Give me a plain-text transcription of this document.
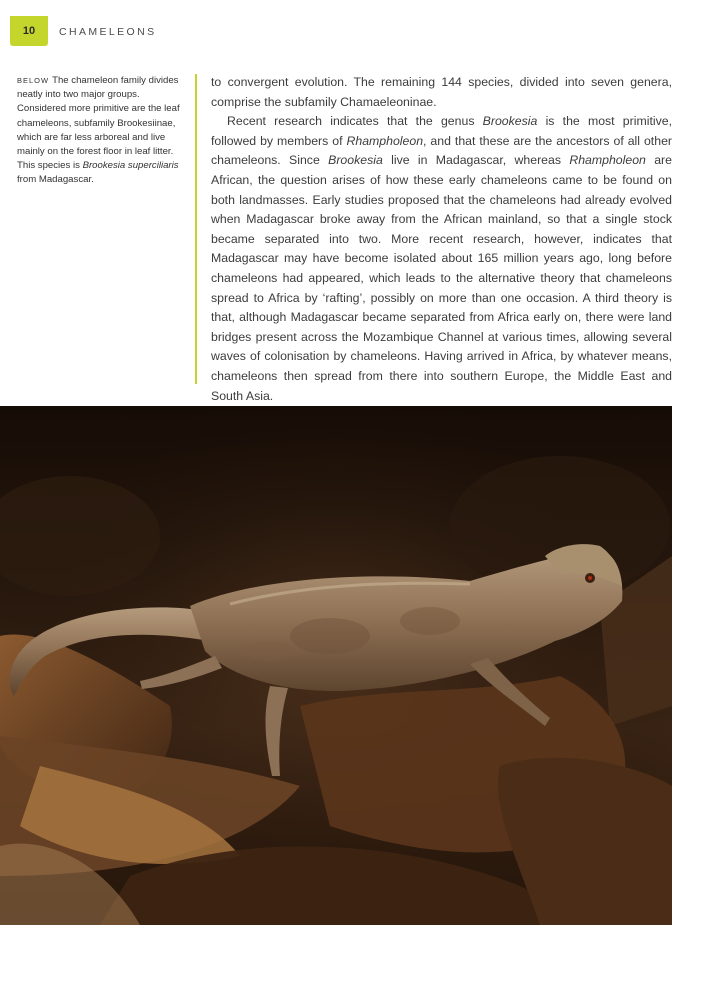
10	CHAMELEONS
BELOW The chameleon family divides neatly into two major groups. Considered more primitive are the leaf chameleons, subfamily Brookesiinae, which are far less arboreal and live mainly on the forest floor in leaf litter. This species is Brookesia superciliaris from Madagascar.

to convergent evolution. The remaining 144 species, divided into seven genera, comprise the subfamily Chamaeleoninae.

Recent research indicates that the genus Brookesia is the most primitive, followed by members of Rhampholeon, and that these are the ancestors of all other chameleons. Since Brookesia live in Madagascar, whereas Rhampholeon are African, the question arises of how these early chameleons came to be found on both landmasses. Early studies proposed that the chameleons had already evolved when Madagascar broke away from the African mainland, so that a single stock became separated into two. More recent research, however, indicates that Madagascar may have become isolated about 165 million years ago, long before chameleons had appeared, which leads to the alternative theory that chameleons spread to Africa by ‘rafting’, possibly on more than one occasion. A third theory is that, although Madagascar became separated from Africa early on, there were land bridges present across the Mozambique Channel at various times, allowing several waves of colonisation by chameleons. Having arrived in Africa, by whatever means, chameleons then spread from there into southern Europe, the Middle East and South Asia.
